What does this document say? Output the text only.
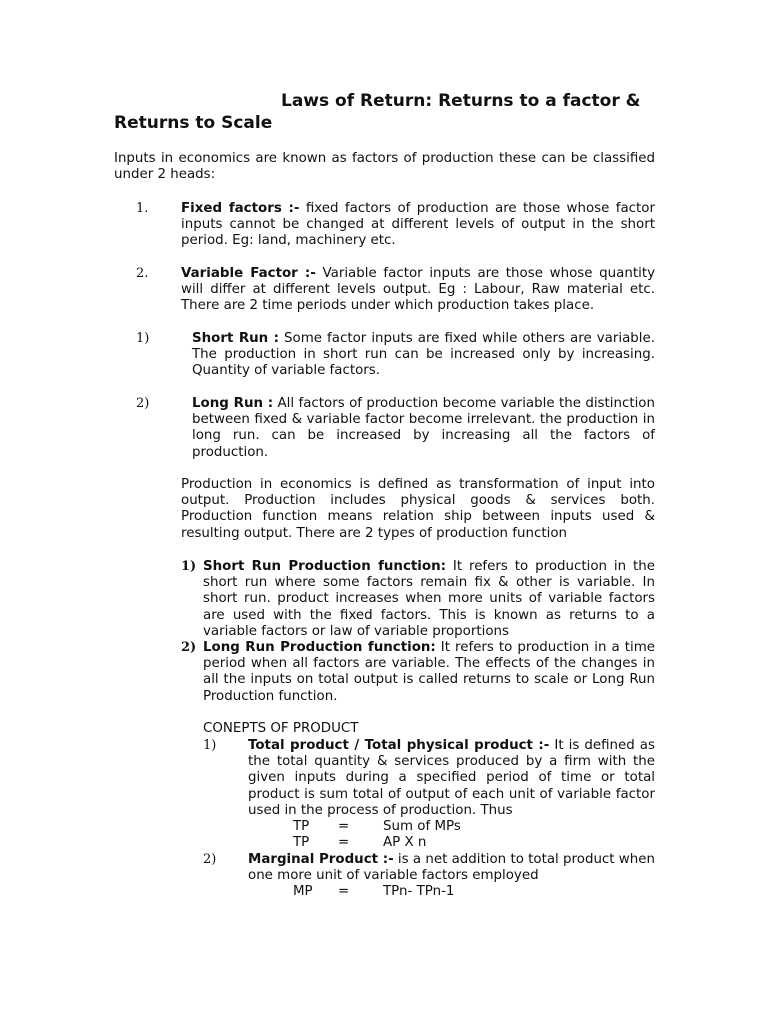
Laws of Return: Returns to a factor &
Returns to Scale
Inputs in economics are known as factors of production these can be classified under 2 heads:
1. Fixed factors :- fixed factors of production are those whose factor inputs cannot be changed at different levels of output in the short period. Eg: land, machinery etc.
2. Variable Factor :- Variable factor inputs are those whose quantity will differ at different levels output. Eg : Labour, Raw material etc. There are 2 time periods under which production takes place.
1)	Short Run : Some factor inputs are fixed while others are variable. The production in short run can be increased only by increasing. Quantity of variable factors.
2)	Long Run : All factors of production become variable the distinction between fixed & variable factor become irrelevant. the production in long run. can be increased by increasing all the factors of production.
Production in economics is defined as transformation of input into output. Production includes physical goods & services both. Production function means relation ship between inputs used & resulting output. There are 2 types of production function
1) Short Run Production function: It refers to production in the short run where some factors remain fix & other is variable. In short run. product increases when more units of variable factors are used with the fixed factors. This is known as returns to a variable factors or law of variable proportions
2) Long Run Production function: It refers to production in a time period when all factors are variable. The effects of the changes in all the inputs on total output is called returns to scale or Long Run Production function.
CONEPTS OF PRODUCT
1) Total product / Total physical product :- It is defined as the total quantity & services produced by a firm with the given inputs during a specified period of time or total product is sum total of output of each unit of variable factor used in the process of production. Thus
TP =	Sum of MPs
TP =	AP X n
2) Marginal Product :- is a net addition to total product when one more unit of variable factors employed
MP =	TPn- TPn-1
